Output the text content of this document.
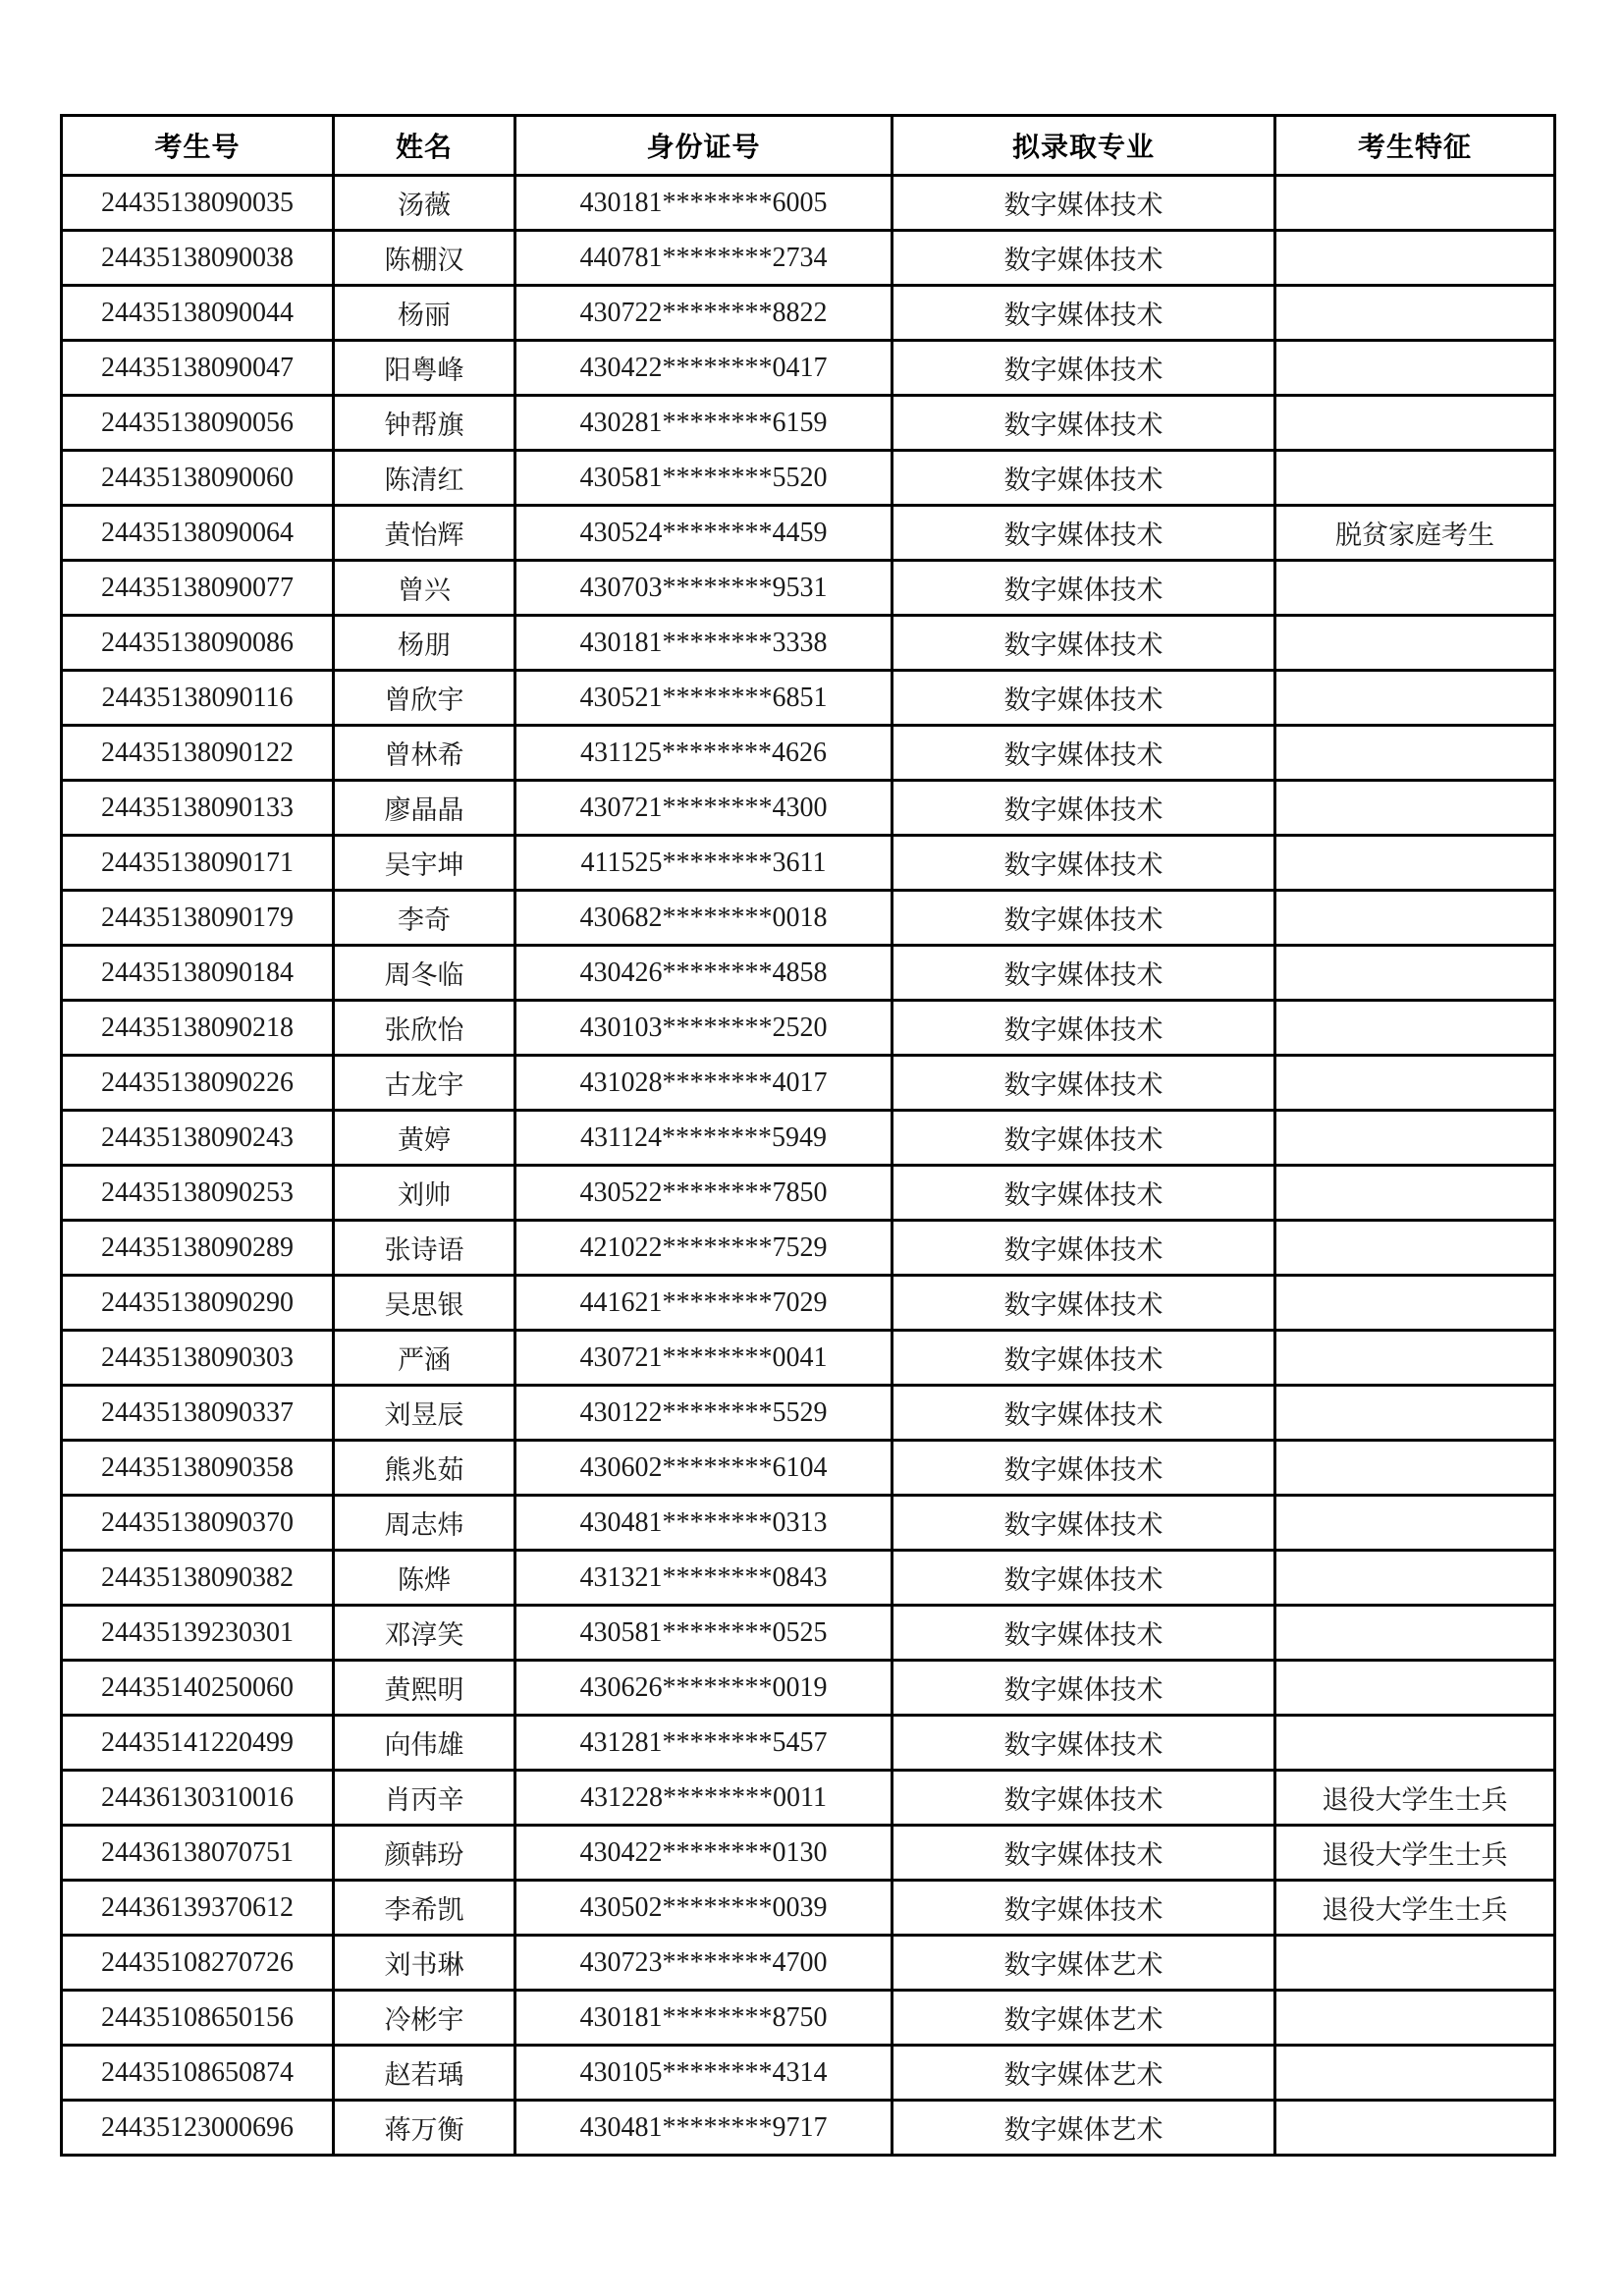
考生号	姓名	身份证号	拟录取专业	考生特征
24435138090035	汤薇	430181********6005	数字媒体技术	
24435138090038	陈棚汉	440781********2734	数字媒体技术	
24435138090044	杨丽	430722********8822	数字媒体技术	
24435138090047	阳粤峰	430422********0417	数字媒体技术	
24435138090056	钟帮旗	430281********6159	数字媒体技术	
24435138090060	陈清红	430581********5520	数字媒体技术	
24435138090064	黄怡辉	430524********4459	数字媒体技术	脱贫家庭考生
24435138090077	曾兴	430703********9531	数字媒体技术	
24435138090086	杨朋	430181********3338	数字媒体技术	
24435138090116	曾欣宇	430521********6851	数字媒体技术	
24435138090122	曾林希	431125********4626	数字媒体技术	
24435138090133	廖晶晶	430721********4300	数字媒体技术	
24435138090171	吴宇坤	411525********3611	数字媒体技术	
24435138090179	李奇	430682********0018	数字媒体技术	
24435138090184	周冬临	430426********4858	数字媒体技术	
24435138090218	张欣怡	430103********2520	数字媒体技术	
24435138090226	古龙宇	431028********4017	数字媒体技术	
24435138090243	黄婷	431124********5949	数字媒体技术	
24435138090253	刘帅	430522********7850	数字媒体技术	
24435138090289	张诗语	421022********7529	数字媒体技术	
24435138090290	吴思银	441621********7029	数字媒体技术	
24435138090303	严涵	430721********0041	数字媒体技术	
24435138090337	刘昱辰	430122********5529	数字媒体技术	
24435138090358	熊兆茹	430602********6104	数字媒体技术	
24435138090370	周志炜	430481********0313	数字媒体技术	
24435138090382	陈烨	431321********0843	数字媒体技术	
24435139230301	邓淳笑	430581********0525	数字媒体技术	
24435140250060	黄熙明	430626********0019	数字媒体技术	
24435141220499	向伟雄	431281********5457	数字媒体技术	
24436130310016	肖丙辛	431228********0011	数字媒体技术	退役大学生士兵
24436138070751	颜韩玢	430422********0130	数字媒体技术	退役大学生士兵
24436139370612	李希凯	430502********0039	数字媒体技术	退役大学生士兵
24435108270726	刘书琳	430723********4700	数字媒体艺术	
24435108650156	冷彬宇	430181********8750	数字媒体艺术	
24435108650874	赵若瑀	430105********4314	数字媒体艺术	
24435123000696	蒋万衡	430481********9717	数字媒体艺术	
